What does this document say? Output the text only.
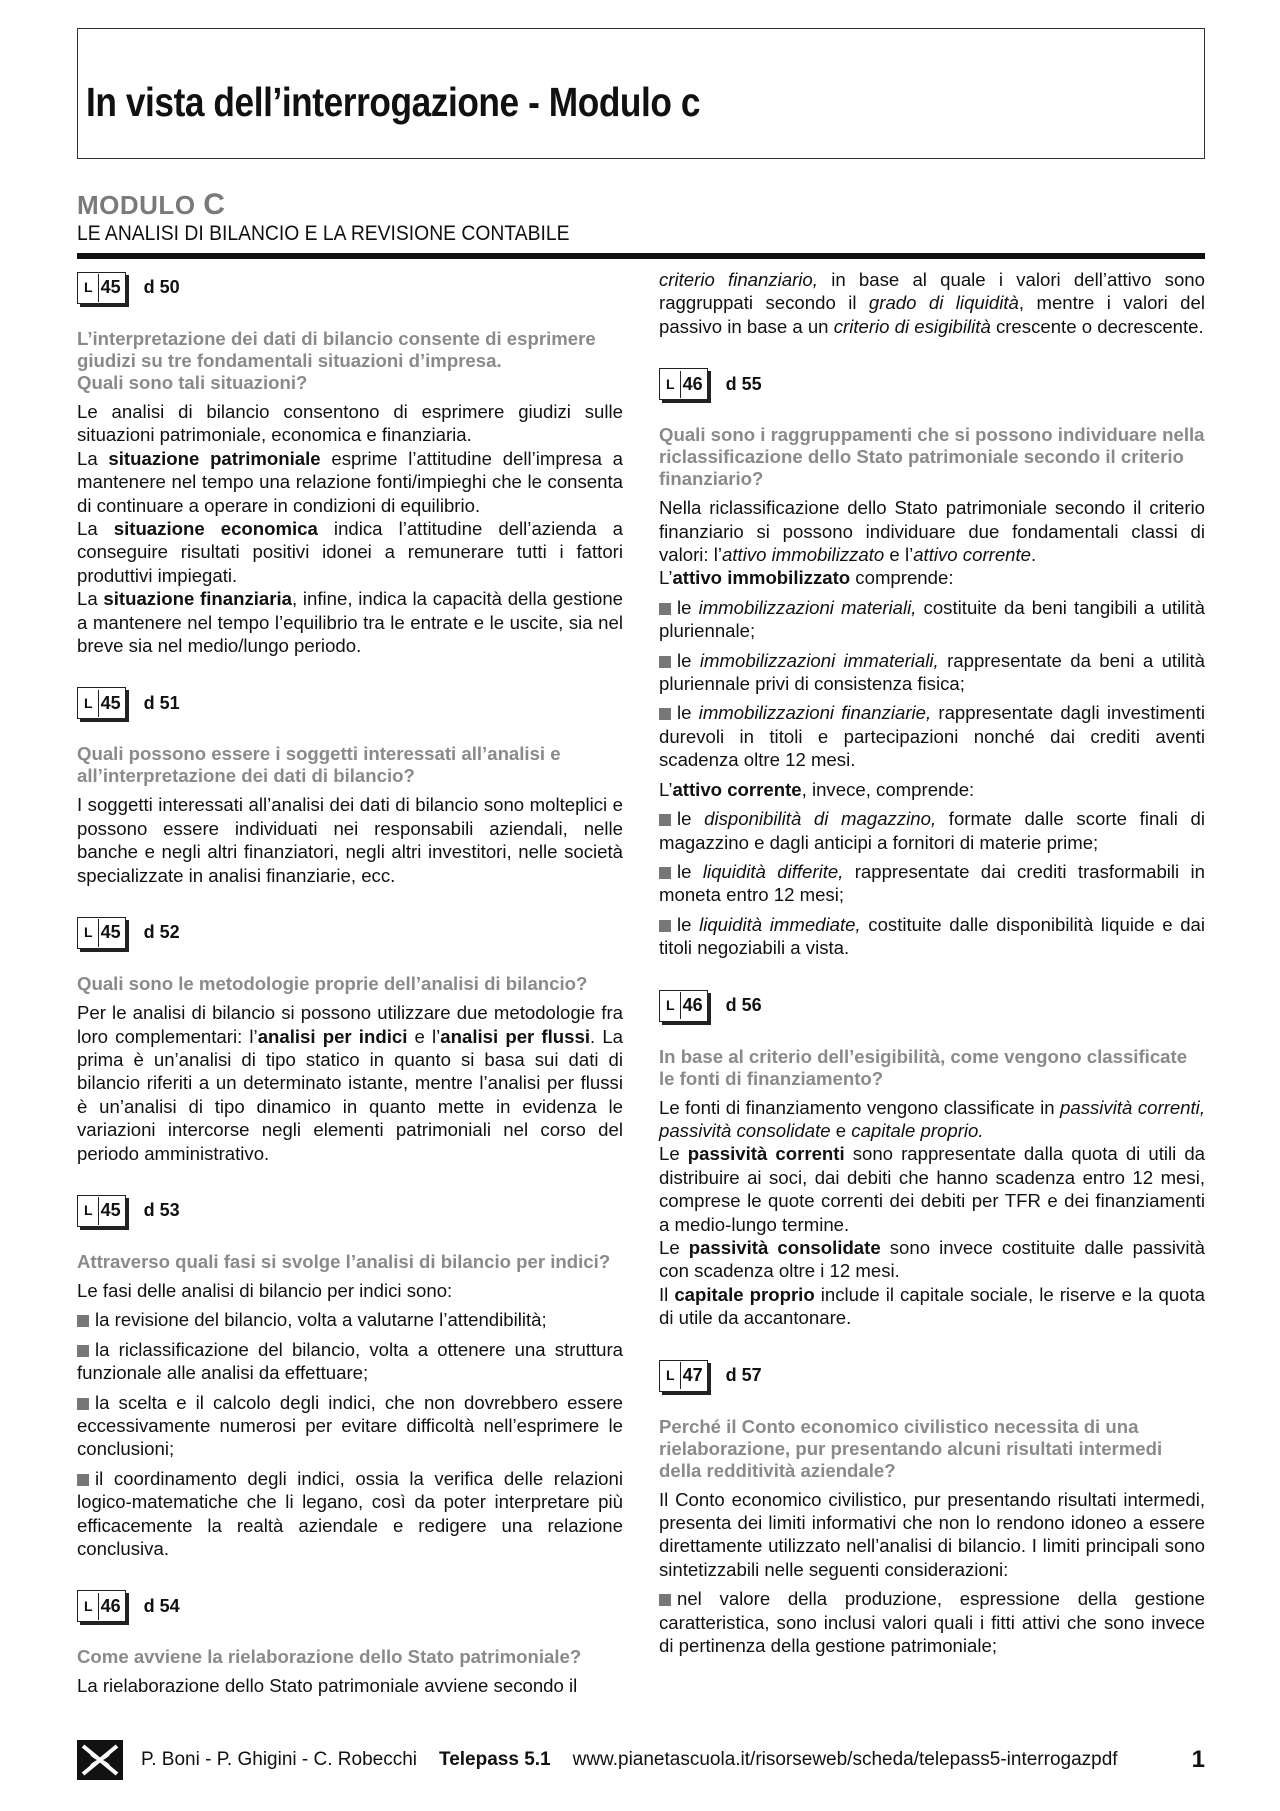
In vista dell’interrogazione - Modulo c
MODULO C
LE ANALISI DI BILANCIO E LA REVISIONE CONTABILE
L 45 d 50

L’interpretazione dei dati di bilancio consente di esprimere giudizi su tre fondamentali situazioni d’impresa.
Quali sono tali situazioni?

Le analisi di bilancio consentono di esprimere giudizi sulle situazioni patrimoniale, economica e finanziaria.

La situazione patrimoniale esprime l’attitudine dell’impresa a mantenere nel tempo una relazione fonti/impieghi che le consenta di continuare a operare in condizioni di equilibrio.

La situazione economica indica l’attitudine dell’azienda a conseguire risultati positivi idonei a remunerare tutti i fattori produttivi impiegati.

La situazione finanziaria, infine, indica la capacità della gestione a mantenere nel tempo l’equilibrio tra le entrate e le uscite, sia nel breve sia nel medio/lungo periodo.

L 45 d 51

Quali possono essere i soggetti interessati all’analisi e all’interpretazione dei dati di bilancio?

I soggetti interessati all’analisi dei dati di bilancio sono molteplici e possono essere individuati nei responsabili aziendali, nelle banche e negli altri finanziatori, negli altri investitori, nelle società specializzate in analisi finanziarie, ecc.

L 45 d 52

Quali sono le metodologie proprie dell’analisi di bilancio?

Per le analisi di bilancio si possono utilizzare due metodologie fra loro complementari: l’analisi per indici e l’analisi per flussi. La prima è un’analisi di tipo statico in quanto si basa sui dati di bilancio riferiti a un determinato istante, mentre l’analisi per flussi è un’analisi di tipo dinamico in quanto mette in evidenza le variazioni intercorse negli elementi patrimoniali nel corso del periodo amministrativo.

L 45 d 53

Attraverso quali fasi si svolge l’analisi di bilancio per indici?

Le fasi delle analisi di bilancio per indici sono:

la revisione del bilancio, volta a valutarne l’attendibilità;

la riclassificazione del bilancio, volta a ottenere una struttura funzionale alle analisi da effettuare;

la scelta e il calcolo degli indici, che non dovrebbero essere eccessivamente numerosi per evitare difficoltà nell’esprimere le conclusioni;

il coordinamento degli indici, ossia la verifica delle relazioni logico-matematiche che li legano, così da poter interpretare più efficacemente la realtà aziendale e redigere una relazione conclusiva.

L 46 d 54

Come avviene la rielaborazione dello Stato patrimoniale?

La rielaborazione dello Stato patrimoniale avviene secondo il

criterio finanziario, in base al quale i valori dell’attivo sono raggruppati secondo il grado di liquidità, mentre i valori del passivo in base a un criterio di esigibilità crescente o decrescente.

L 46 d 55

Quali sono i raggruppamenti che si possono individuare nella riclassificazione dello Stato patrimoniale secondo il criterio finanziario?

Nella riclassificazione dello Stato patrimoniale secondo il criterio finanziario si possono individuare due fondamentali classi di valori: l’attivo immobilizzato e l’attivo corrente.

L’attivo immobilizzato comprende:

le immobilizzazioni materiali, costituite da beni tangibili a utilità pluriennale;

le immobilizzazioni immateriali, rappresentate da beni a utilità pluriennale privi di consistenza fisica;

le immobilizzazioni finanziarie, rappresentate dagli investimenti durevoli in titoli e partecipazioni nonché dai crediti aventi scadenza oltre 12 mesi.

L’attivo corrente, invece, comprende:

le disponibilità di magazzino, formate dalle scorte finali di magazzino e dagli anticipi a fornitori di materie prime;

le liquidità differite, rappresentate dai crediti trasformabili in moneta entro 12 mesi;

le liquidità immediate, costituite dalle disponibilità liquide e dai titoli negoziabili a vista.

L 46 d 56

In base al criterio dell’esigibilità, come vengono classificate le fonti di finanziamento?

Le fonti di finanziamento vengono classificate in passività correnti, passività consolidate e capitale proprio.

Le passività correnti sono rappresentate dalla quota di utili da distribuire ai soci, dai debiti che hanno scadenza entro 12 mesi, comprese le quote correnti dei debiti per TFR e dei finanziamenti a medio-lungo termine.

Le passività consolidate sono invece costituite dalle passività con scadenza oltre i 12 mesi.

Il capitale proprio include il capitale sociale, le riserve e la quota di utile da accantonare.

L 47 d 57

Perché il Conto economico civilistico necessita di una rielaborazione, pur presentando alcuni risultati intermedi della redditività aziendale?

Il Conto economico civilistico, pur presentando risultati intermedi, presenta dei limiti informativi che non lo rendono idoneo a essere direttamente utilizzato nell’analisi di bilancio. I limiti principali sono sintetizzabili nelle seguenti considerazioni:

nel valore della produzione, espressione della gestione caratteristica, sono inclusi valori quali i fitti attivi che sono invece di pertinenza della gestione patrimoniale;

P. Boni - P. Ghigini - C. Robecchi Telepass 5.1 www.pianetascuola.it/risorseweb/scheda/telepass5-interrogazpdf	1
